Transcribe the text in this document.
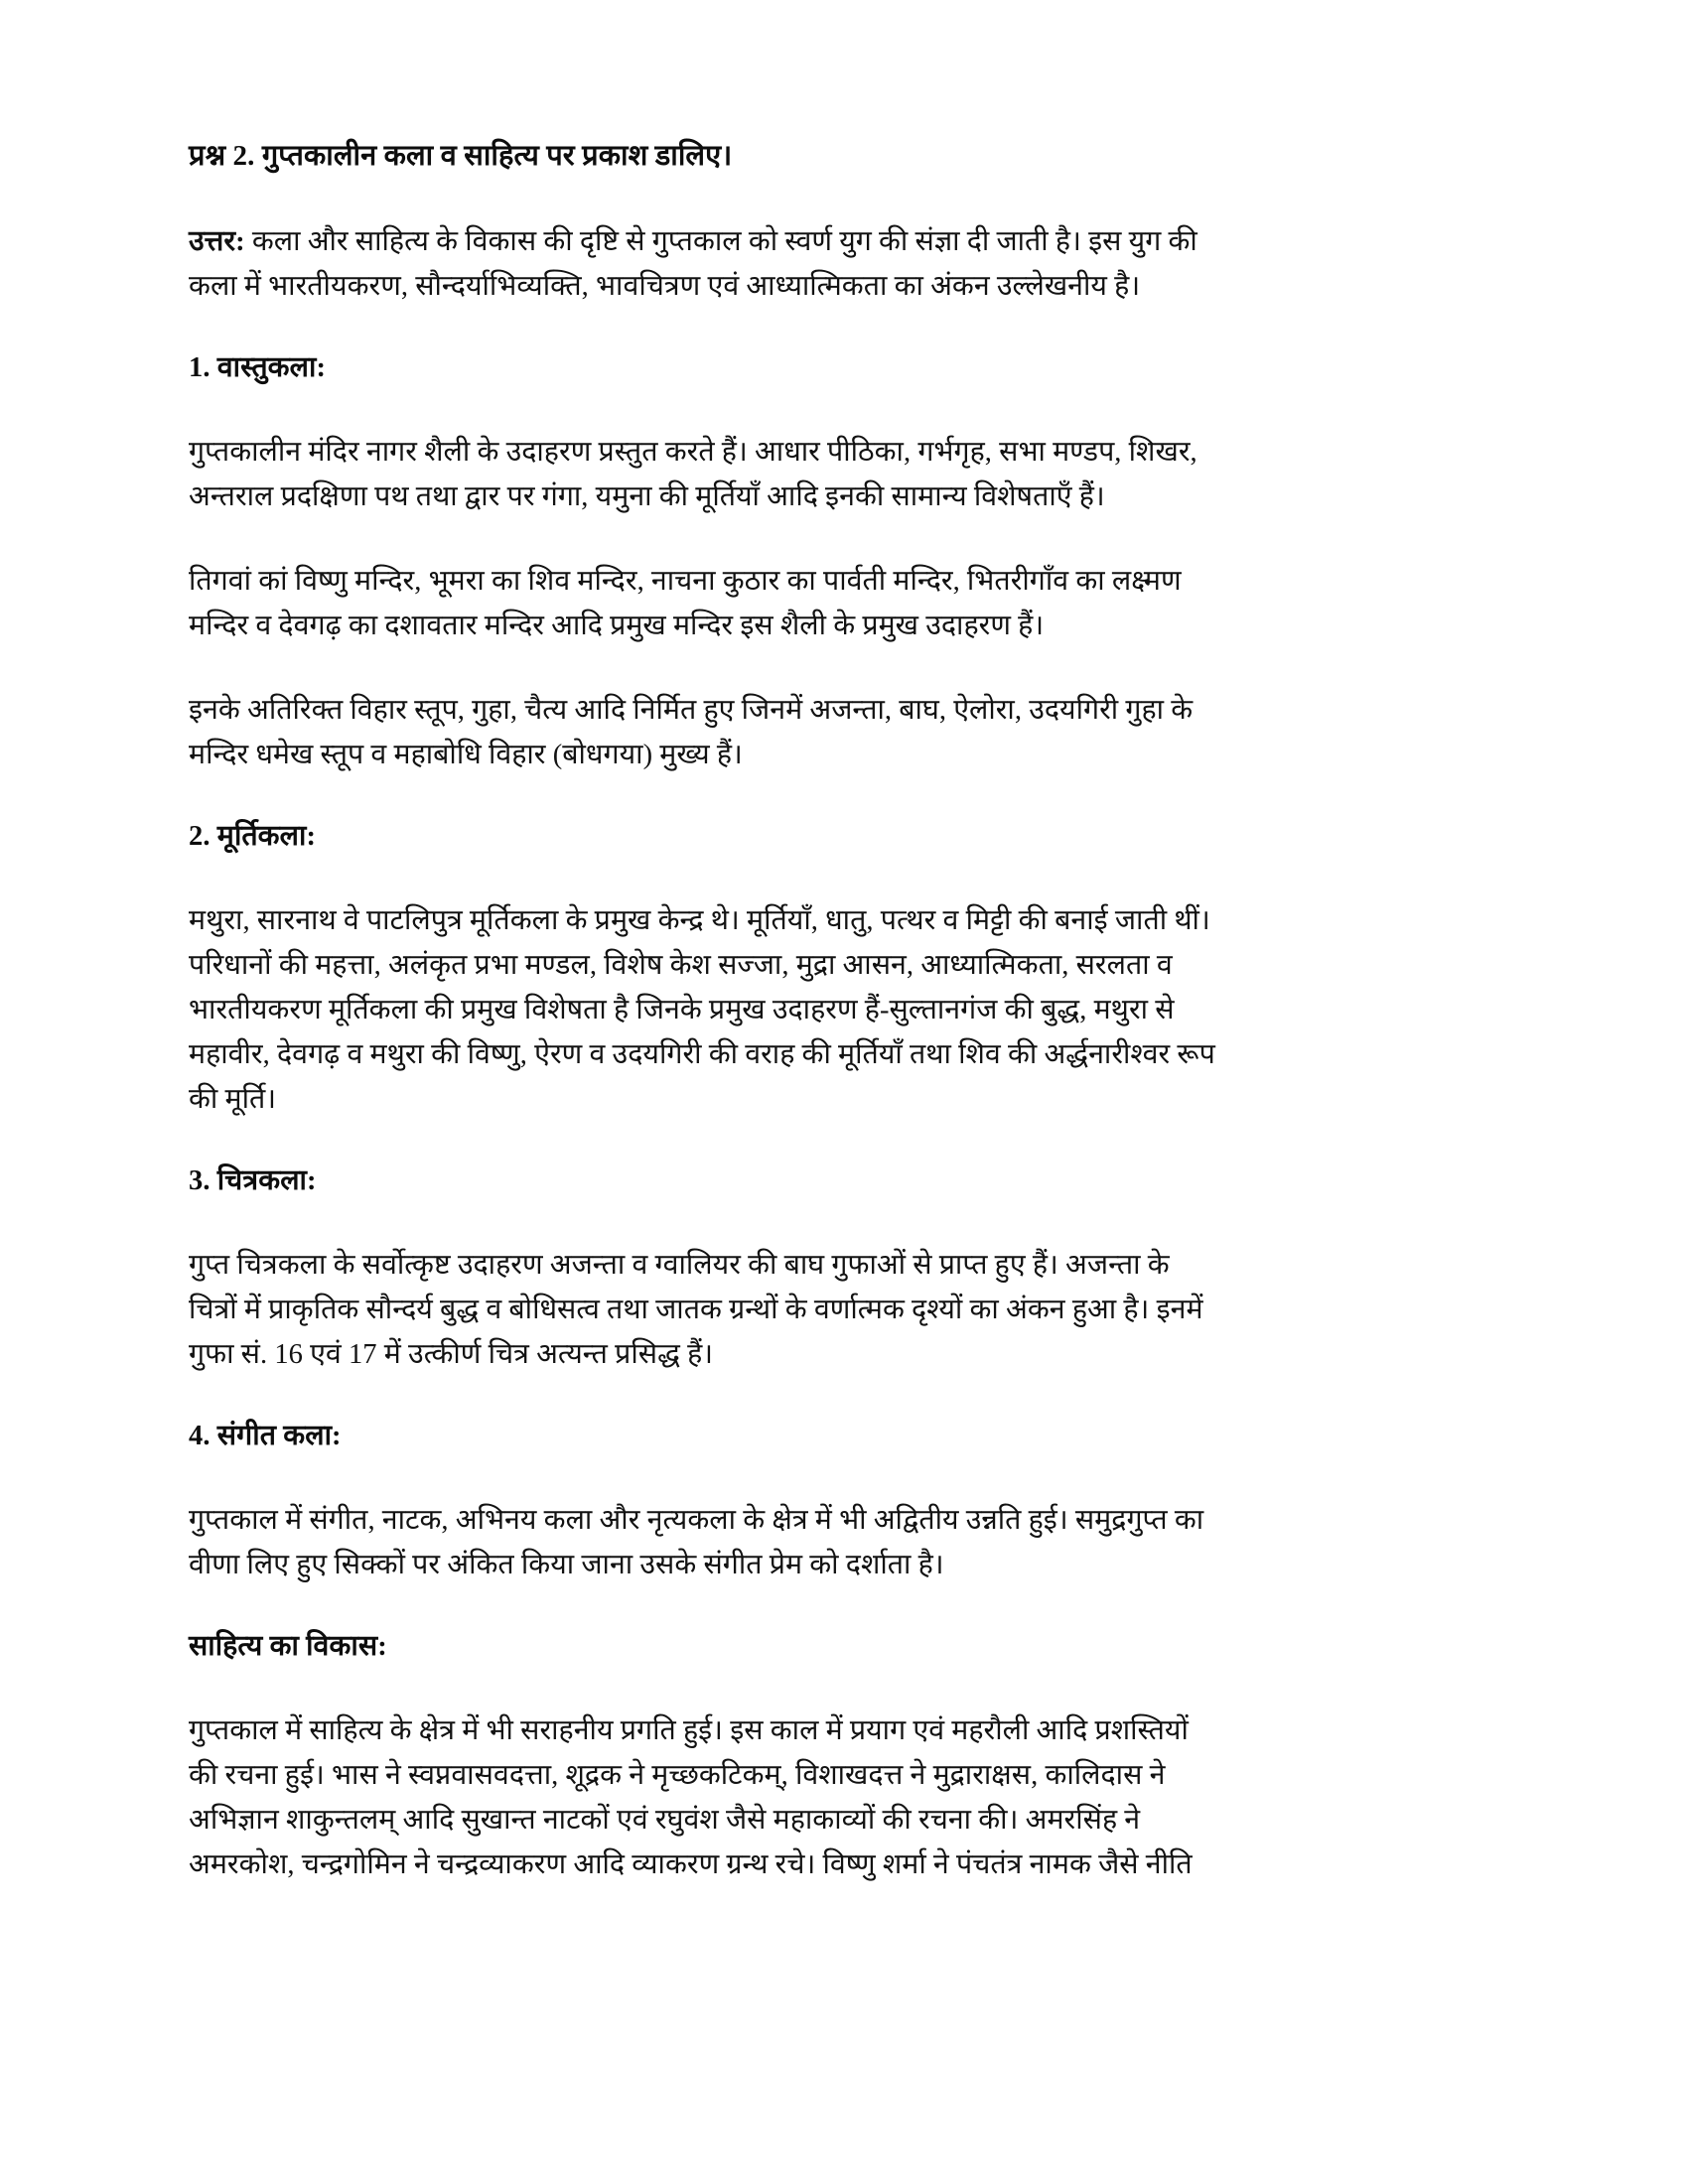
प्रश्न 2. गुप्तकालीन कला व साहित्य पर प्रकाश डालिए।

उत्तर: कला और साहित्य के विकास की दृष्टि से गुप्तकाल को स्वर्ण युग की संज्ञा दी जाती है। इस युग की कला में भारतीयकरण, सौन्दर्याभिव्यक्ति, भावचित्रण एवं आध्यात्मिकता का अंकन उल्लेखनीय है।

1. वास्तुकला:

गुप्तकालीन मंदिर नागर शैली के उदाहरण प्रस्तुत करते हैं। आधार पीठिका, गर्भगृह, सभा मण्डप, शिखर, अन्तराल प्रदक्षिणा पथ तथा द्वार पर गंगा, यमुना की मूर्तियाँ आदि इनकी सामान्य विशेषताएँ हैं।

तिगवां कां विष्णु मन्दिर, भूमरा का शिव मन्दिर, नाचना कुठार का पार्वती मन्दिर, भितरीगाँव का लक्ष्मण मन्दिर व देवगढ़ का दशावतार मन्दिर आदि प्रमुख मन्दिर इस शैली के प्रमुख उदाहरण हैं।

इनके अतिरिक्त विहार स्तूप, गुहा, चैत्य आदि निर्मित हुए जिनमें अजन्ता, बाघ, ऐलोरा, उदयगिरी गुहा के मन्दिर धमेख स्तूप व महाबोधि विहार (बोधगया) मुख्य हैं।

2. मूर्तिकला:

मथुरा, सारनाथ वे पाटलिपुत्र मूर्तिकला के प्रमुख केन्द्र थे। मूर्तियाँ, धातु, पत्थर व मिट्टी की बनाई जाती थीं। परिधानों की महत्ता, अलंकृत प्रभा मण्डल, विशेष केश सज्जा, मुद्रा आसन, आध्यात्मिकता, सरलता व भारतीयकरण मूर्तिकला की प्रमुख विशेषता है जिनके प्रमुख उदाहरण हैं-सुल्तानगंज की बुद्ध, मथुरा से महावीर, देवगढ़ व मथुरा की विष्णु, ऐरण व उदयगिरी की वराह की मूर्तियाँ तथा शिव की अर्द्धनारीश्वर रूप की मूर्ति।

3. चित्रकला:

गुप्त चित्रकला के सर्वोत्कृष्ट उदाहरण अजन्ता व ग्वालियर की बाघ गुफाओं से प्राप्त हुए हैं। अजन्ता के चित्रों में प्राकृतिक सौन्दर्य बुद्ध व बोधिसत्व तथा जातक ग्रन्थों के वर्णात्मक दृश्यों का अंकन हुआ है। इनमें गुफा सं. 16 एवं 17 में उत्कीर्ण चित्र अत्यन्त प्रसिद्ध हैं।

4. संगीत कला:

गुप्तकाल में संगीत, नाटक, अभिनय कला और नृत्यकला के क्षेत्र में भी अद्वितीय उन्नति हुई। समुद्रगुप्त का वीणा लिए हुए सिक्कों पर अंकित किया जाना उसके संगीत प्रेम को दर्शाता है।

साहित्य का विकास:

गुप्तकाल में साहित्य के क्षेत्र में भी सराहनीय प्रगति हुई। इस काल में प्रयाग एवं महरौली आदि प्रशस्तियों की रचना हुई। भास ने स्वप्नवासवदत्ता, शूद्रक ने मृच्छकटिकम्, विशाखदत्त ने मुद्राराक्षस, कालिदास ने अभिज्ञान शाकुन्तलम् आदि सुखान्त नाटकों एवं रघुवंश जैसे महाकाव्यों की रचना की। अमरसिंह ने अमरकोश, चन्द्रगोमिन ने चन्द्रव्याकरण आदि व्याकरण ग्रन्थ रचे। विष्णु शर्मा ने पंचतंत्र नामक जैसे नीति
